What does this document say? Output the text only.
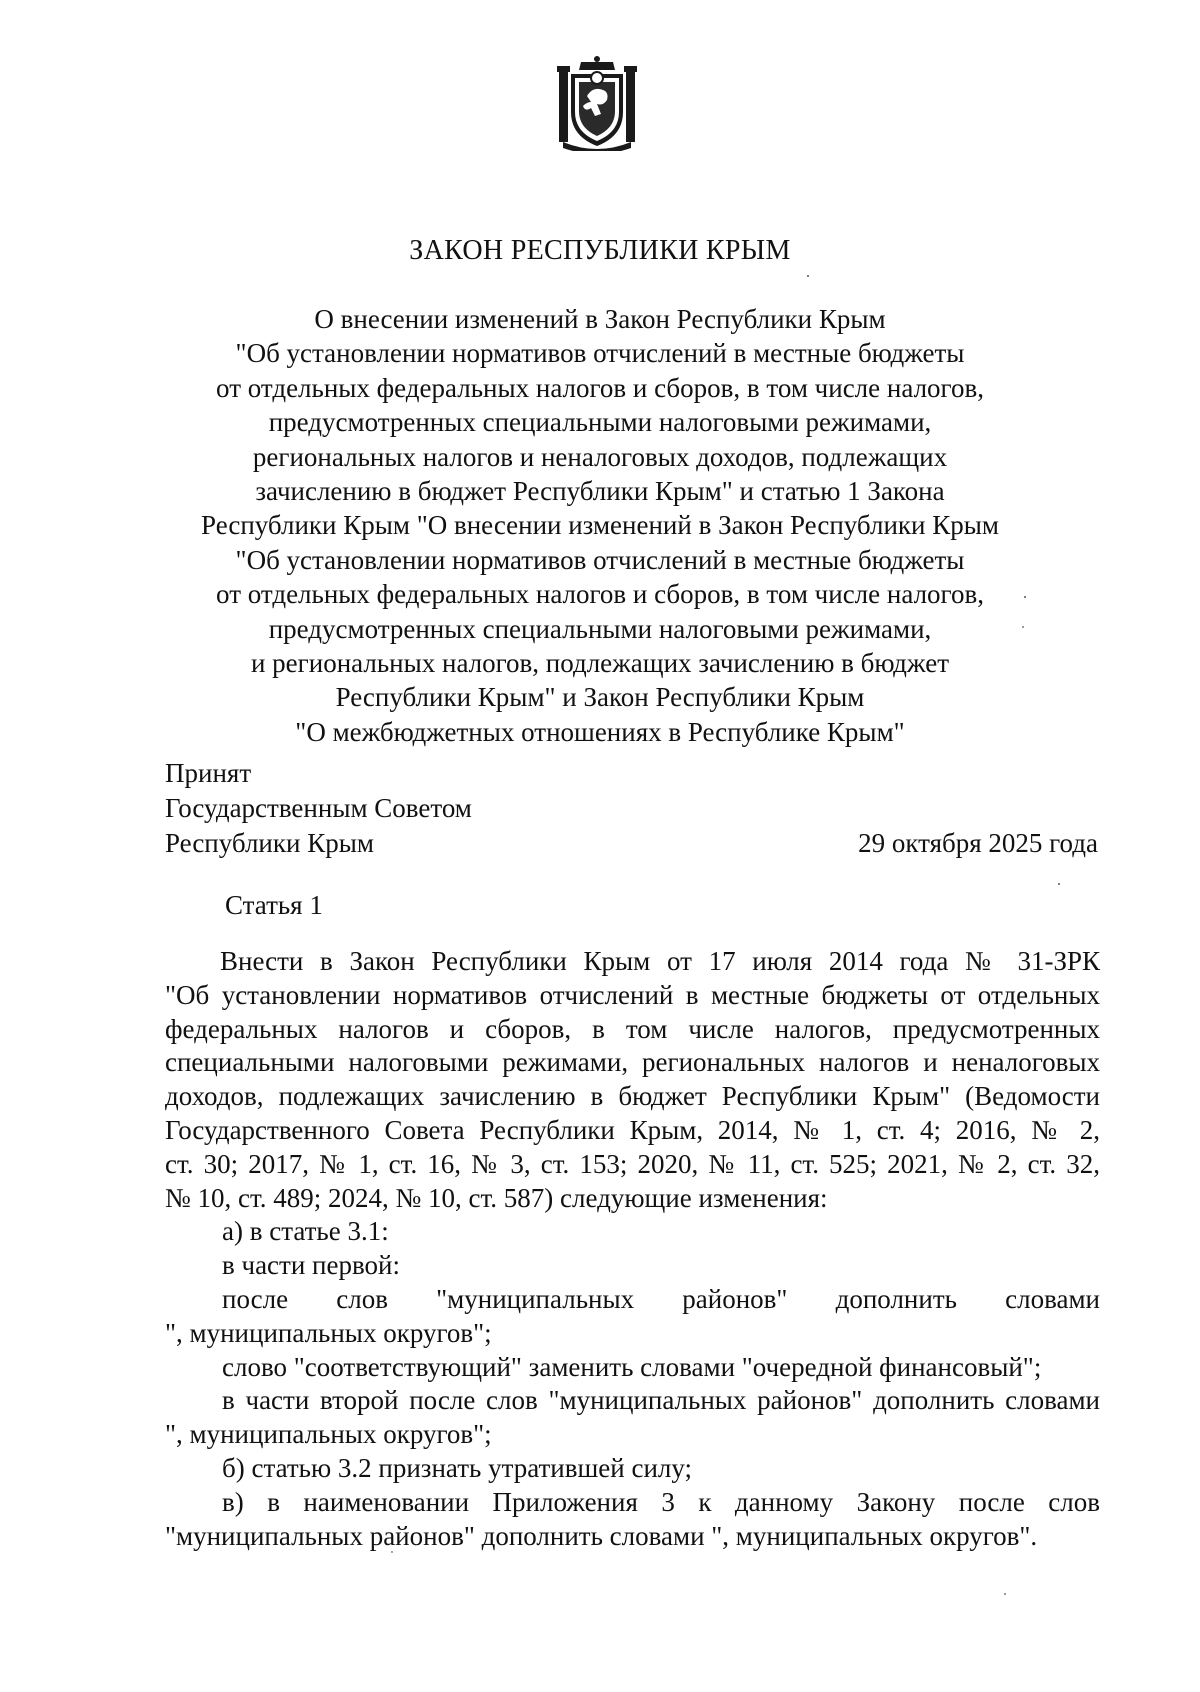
ЗАКОН РЕСПУБЛИКИ КРЫМ
О внесении изменений в Закон Республики Крым
"Об установлении нормативов отчислений в местные бюджеты
от отдельных федеральных налогов и сборов, в том числе налогов,
предусмотренных специальными налоговыми режимами,
региональных налогов и неналоговых доходов, подлежащих
зачислению в бюджет Республики Крым" и статью 1 Закона
Республики Крым "О внесении изменений в Закон Республики Крым
"Об установлении нормативов отчислений в местные бюджеты
от отдельных федеральных налогов и сборов, в том числе налогов,
предусмотренных специальными налоговыми режимами,
и региональных налогов, подлежащих зачислению в бюджет
Республики Крым" и Закон Республики Крым
"О межбюджетных отношениях в Республике Крым"
Принят
Государственным Советом
Республики Крым	29 октября 2025 года
Статья 1
Внести в Закон Республики Крым от 17 июля 2014 года № 31-ЗРК
"Об установлении нормативов отчислений в местные бюджеты от отдельных
федеральных налогов и сборов, в том числе налогов, предусмотренных
специальными налоговыми режимами, региональных налогов и неналоговых
доходов, подлежащих зачислению в бюджет Республики Крым" (Ведомости
Государственного Совета Республики Крым, 2014, № 1, ст. 4; 2016, № 2,
ст. 30; 2017, № 1, ст. 16, № 3, ст. 153; 2020, № 11, ст. 525; 2021, № 2, ст. 32,
№ 10, ст. 489; 2024, № 10, ст. 587) следующие изменения:
а) в статье 3.1:
в части первой:
после слов "муниципальных районов" дополнить словами
", муниципальных округов";
слово "соответствующий" заменить словами "очередной финансовый";
в части второй после слов "муниципальных районов" дополнить словами
", муниципальных округов";
б) статью 3.2 признать утратившей силу;
в) в наименовании Приложения 3 к данному Закону после слов
"муниципальных районов" дополнить словами ", муниципальных округов".
